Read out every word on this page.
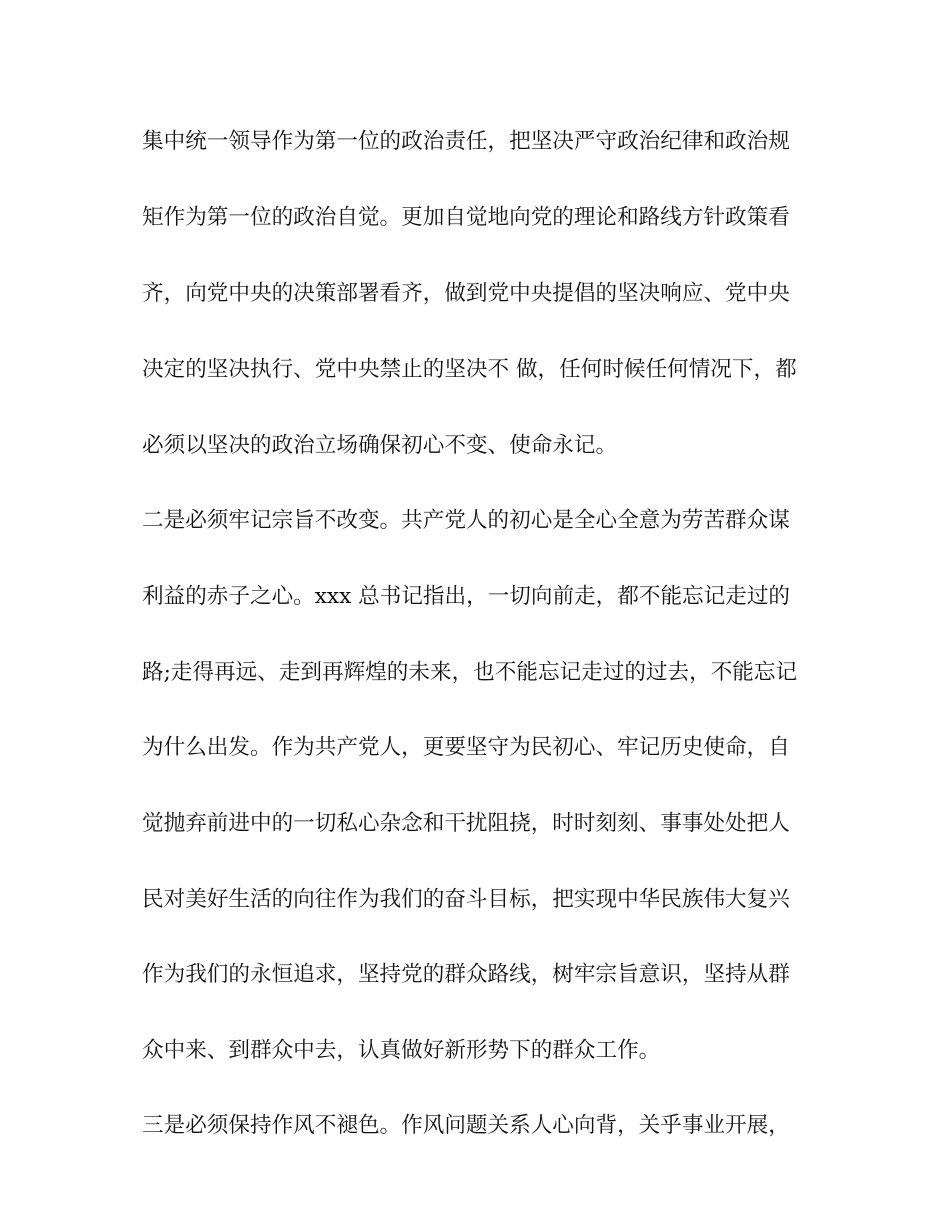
集中统一领导作为第一位的政治责任，把坚决严守政治纪律和政治规
矩作为第一位的政治自觉。更加自觉地向党的理论和路线方针政策看
齐，向党中央的决策部署看齐，做到党中央提倡的坚决响应、党中央
决定的坚决执行、党中央禁止的坚决不 做，任何时候任何情况下，都
必须以坚决的政治立场确保初心不变、使命永记。
二是必须牢记宗旨不改变。共产党人的初心是全心全意为劳苦群众谋
利益的赤子之心。xxx 总书记指出，一切向前走，都不能忘记走过的
路;走得再远、走到再辉煌的未来，也不能忘记走过的过去，不能忘记
为什么出发。作为共产党人，更要坚守为民初心、牢记历史使命，自
觉抛弃前进中的一切私心杂念和干扰阻挠，时时刻刻、事事处处把人
民对美好生活的向往作为我们的奋斗目标，把实现中华民族伟大复兴
作为我们的永恒追求，坚持党的群众路线，树牢宗旨意识，坚持从群
众中来、到群众中去，认真做好新形势下的群众工作。
三是必须保持作风不褪色。作风问题关系人心向背，关乎事业开展，
